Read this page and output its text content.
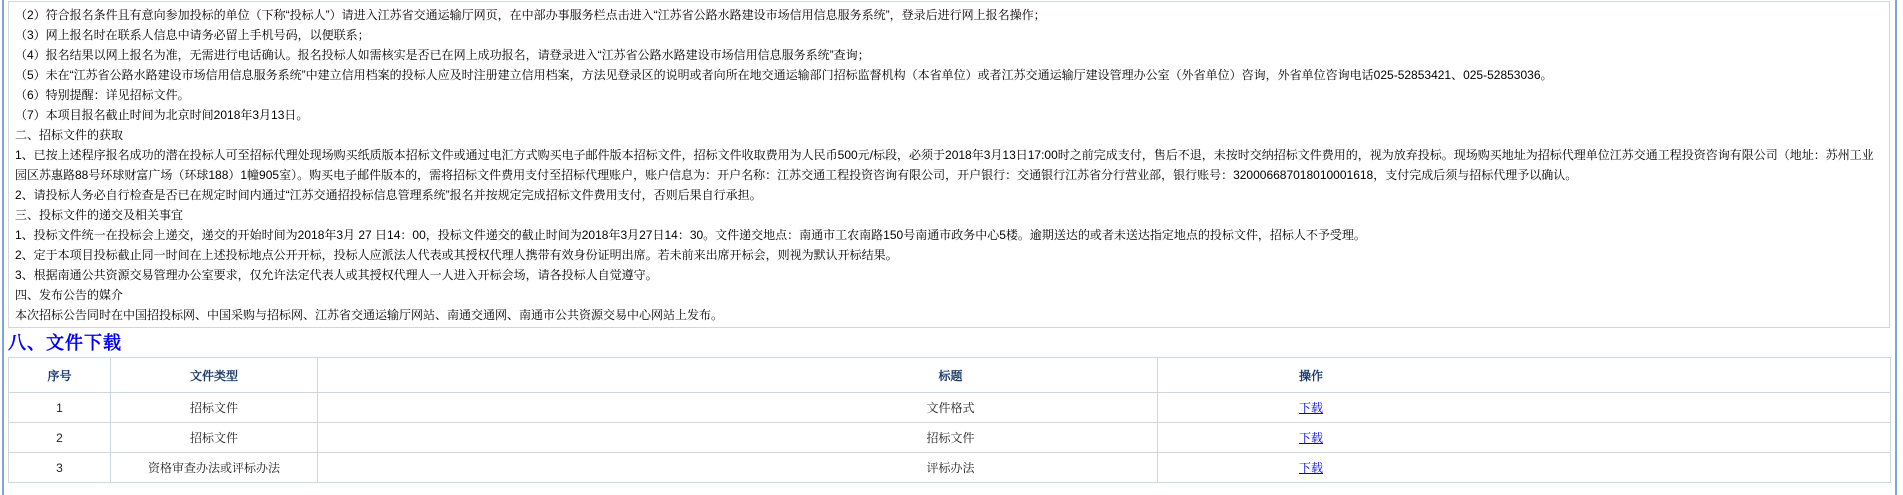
（2）符合报名条件且有意向参加投标的单位（下称“投标人”）请进入江苏省交通运输厅网页，在中部办事服务栏点击进入“江苏省公路水路建设市场信用信息服务系统”，登录后进行网上报名操作；
（3）网上报名时在联系人信息中请务必留上手机号码，以便联系；
（4）报名结果以网上报名为准，无需进行电话确认。报名投标人如需核实是否已在网上成功报名，请登录进入“江苏省公路水路建设市场信用信息服务系统”查询；
（5）未在“江苏省公路水路建设市场信用信息服务系统”中建立信用档案的投标人应及时注册建立信用档案，方法见登录区的说明或者向所在地交通运输部门招标监督机构（本省单位）或者江苏交通运输厅建设管理办公室（外省单位）咨询，外省单位咨询电话025-52853421、025-52853036。
（6）特别提醒：详见招标文件。
（7）本项目报名截止时间为北京时间2018年3月13日。
二、招标文件的获取
1、已按上述程序报名成功的潜在投标人可至招标代理处现场购买纸质版本招标文件或通过电汇方式购买电子邮件版本招标文件，招标文件收取费用为人民币500元/标段，必须于2018年3月13日17:00时之前完成支付，售后不退，未按时交纳招标文件费用的，视为放弃投标。现场购买地址为招标代理单位江苏交通工程投资咨询有限公司（地址：苏州工业园区苏惠路88号环球财富广场（环球188）1幢905室）。购买电子邮件版本的，需将招标文件费用支付至招标代理账户，账户信息为：开户名称：江苏交通工程投资咨询有限公司，开户银行：交通银行江苏省分行营业部，银行账号：320006687018010001618，支付完成后须与招标代理予以确认。
2、请投标人务必自行检查是否已在规定时间内通过“江苏交通招投标信息管理系统”报名并按规定完成招标文件费用支付，否则后果自行承担。
三、投标文件的递交及相关事宜
1、投标文件统一在投标会上递交，递交的开始时间为2018年3月 27 日14：00，投标文件递交的截止时间为2018年3月27日14：30。文件递交地点：南通市工农南路150号南通市政务中心5楼。逾期送达的或者未送达指定地点的投标文件，招标人不予受理。
2、定于本项目投标截止同一时间在上述投标地点公开开标，投标人应派法人代表或其授权代理人携带有效身份证明出席。若未前来出席开标会，则视为默认开标结果。
3、根据南通公共资源交易管理办公室要求，仅允许法定代表人或其授权代理人一人进入开标会场，请各投标人自觉遵守。
四、发布公告的媒介
本次招标公告同时在中国招投标网、中国采购与招标网、江苏省交通运输厅网站、南通交通网、南通市公共资源交易中心网站上发布。
八、文件下载
序号	文件类型	标题	操作
1	招标文件	文件格式	下载
2	招标文件	招标文件	下载
3	资格审查办法或评标办法	评标办法	下载
